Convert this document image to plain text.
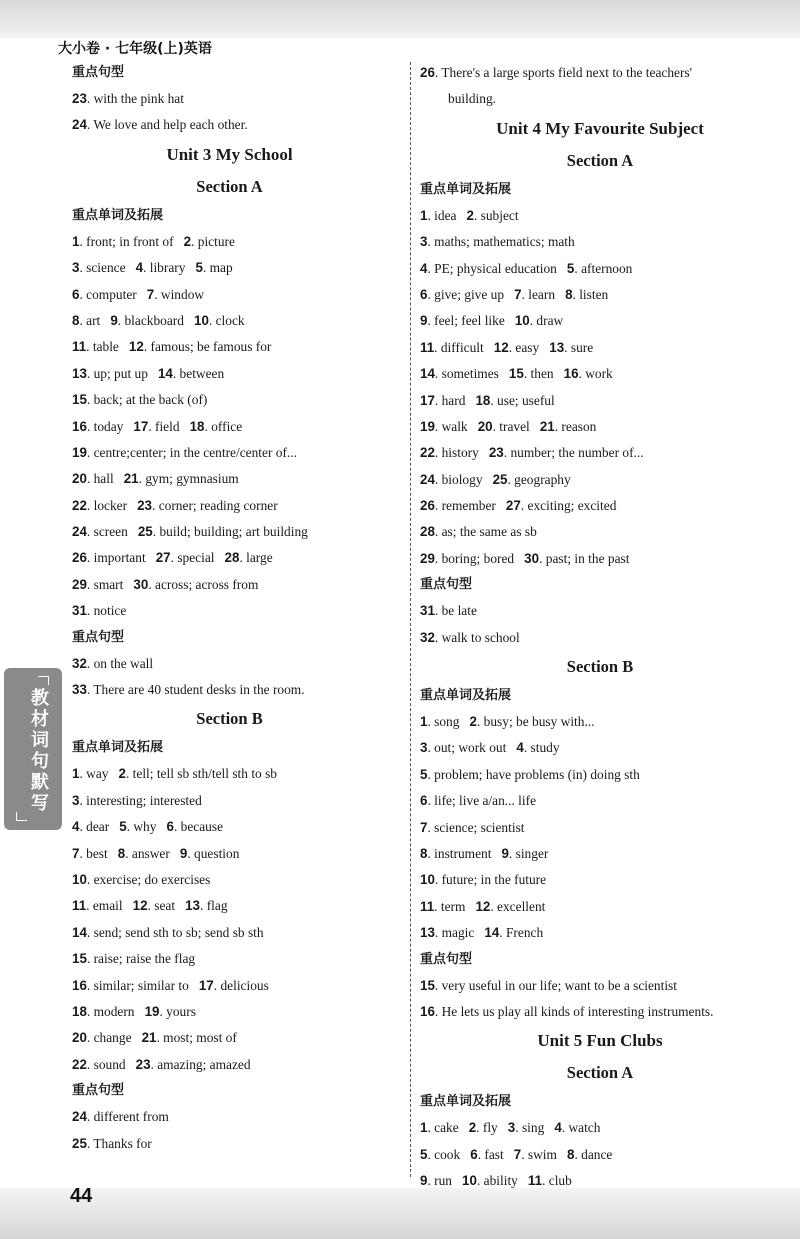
大小卷 · 七年级(上)英语
重点句型
23. with the pink hat
24. We love and help each other.
Unit 3 My School
Section A
重点单词及拓展
1. front; in front of   2. picture
3. science   4. library   5. map
6. computer   7. window
8. art   9. blackboard   10. clock
11. table   12. famous; be famous for
13. up; put up   14. between
15. back; at the back (of)
16. today   17. field   18. office
19. centre;center; in the centre/center of...
20. hall   21. gym; gymnasium
22. locker   23. corner; reading corner
24. screen   25. build; building; art building
26. important   27. special   28. large
29. smart   30. across; across from
31. notice
重点句型
32. on the wall
33. There are 40 student desks in the room.
Section B
重点单词及拓展
1. way   2. tell; tell sb sth/tell sth to sb
3. interesting; interested
4. dear   5. why   6. because
7. best   8. answer   9. question
10. exercise; do exercises
11. email   12. seat   13. flag
14. send; send sth to sb; send sb sth
15. raise; raise the flag
16. similar; similar to   17. delicious
18. modern   19. yours
20. change   21. most; most of
22. sound   23. amazing; amazed
重点句型
24. different from
25. Thanks for
26. There's a large sports field next to the teachers'
building.
Unit 4 My Favourite Subject
Section A
重点单词及拓展
1. idea   2. subject
3. maths; mathematics; math
4. PE; physical education   5. afternoon
6. give; give up   7. learn   8. listen
9. feel; feel like   10. draw
11. difficult   12. easy   13. sure
14. sometimes   15. then   16. work
17. hard   18. use; useful
19. walk   20. travel   21. reason
22. history   23. number; the number of...
24. biology   25. geography
26. remember   27. exciting; excited
28. as; the same as sb
29. boring; bored   30. past; in the past
重点句型
31. be late
32. walk to school
Section B
重点单词及拓展
1. song   2. busy; be busy with...
3. out; work out   4. study
5. problem; have problems (in) doing sth
6. life; live a/an... life
7. science; scientist
8. instrument   9. singer
10. future; in the future
11. term   12. excellent
13. magic   14. French
重点句型
15. very useful in our life; want to be a scientist
16. He lets us play all kinds of interesting instruments.
Unit 5 Fun Clubs
Section A
重点单词及拓展
1. cake   2. fly   3. sing   4. watch
5. cook   6. fast   7. swim   8. dance
9. run   10. ability   11. club
教材词句默写
44
